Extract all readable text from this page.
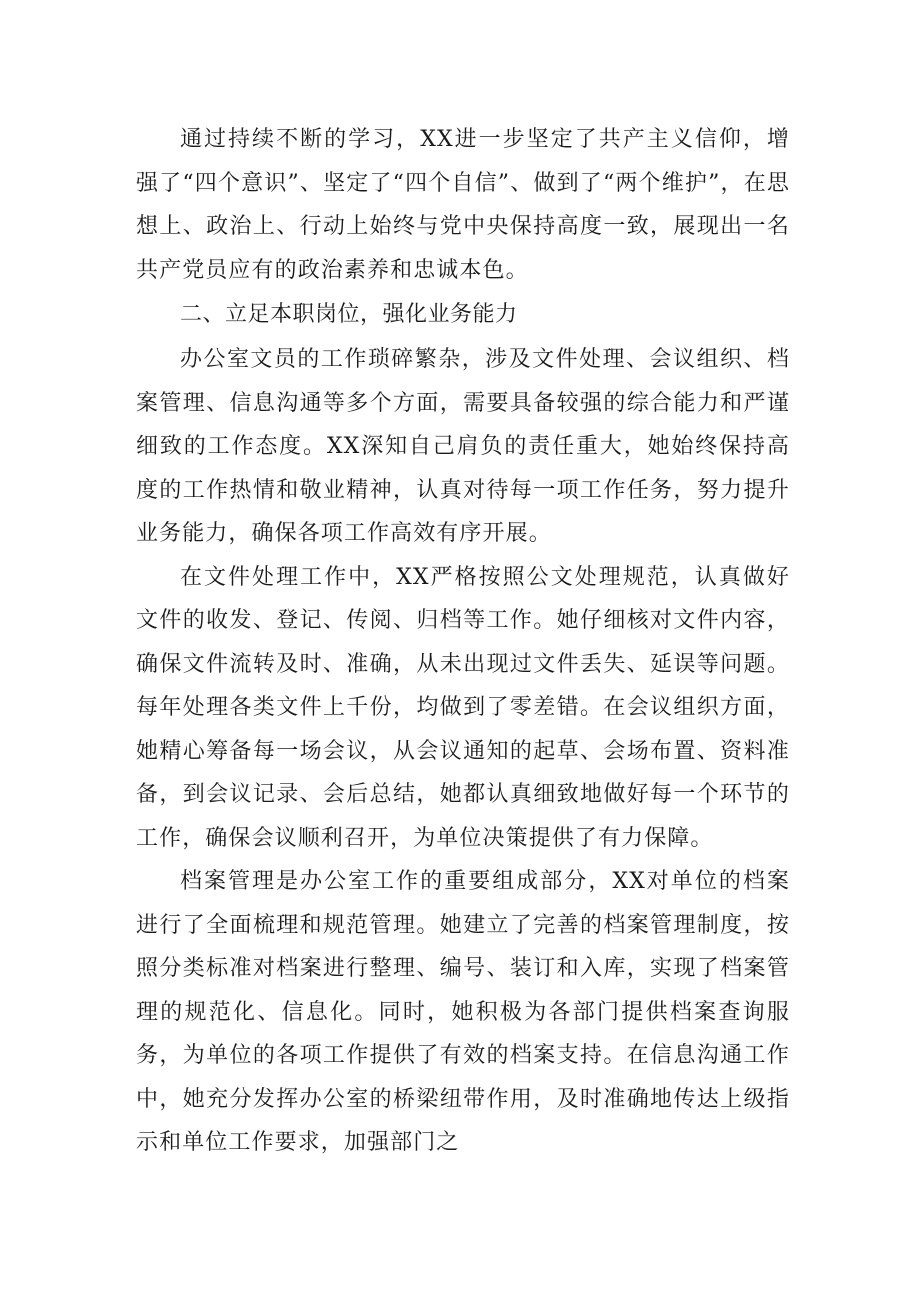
通过持续不断的学习，XX进一步坚定了共产主义信仰，增强了“四个意识”、坚定了“四个自信”、做到了“两个维护”，在思想上、政治上、行动上始终与党中央保持高度一致，展现出一名共产党员应有的政治素养和忠诚本色。

二、立足本职岗位，强化业务能力

办公室文员的工作琐碎繁杂，涉及文件处理、会议组织、档案管理、信息沟通等多个方面，需要具备较强的综合能力和严谨细致的工作态度。XX深知自己肩负的责任重大，她始终保持高度的工作热情和敬业精神，认真对待每一项工作任务，努力提升业务能力，确保各项工作高效有序开展。

在文件处理工作中，XX严格按照公文处理规范，认真做好文件的收发、登记、传阅、归档等工作。她仔细核对文件内容，确保文件流转及时、准确，从未出现过文件丢失、延误等问题。每年处理各类文件上千份，均做到了零差错。在会议组织方面，她精心筹备每一场会议，从会议通知的起草、会场布置、资料准备，到会议记录、会后总结，她都认真细致地做好每一个环节的工作，确保会议顺利召开，为单位决策提供了有力保障。

档案管理是办公室工作的重要组成部分，XX对单位的档案进行了全面梳理和规范管理。她建立了完善的档案管理制度，按照分类标准对档案进行整理、编号、装订和入库，实现了档案管理的规范化、信息化。同时，她积极为各部门提供档案查询服务，为单位的各项工作提供了有效的档案支持。在信息沟通工作中，她充分发挥办公室的桥梁纽带作用，及时准确地传达上级指示和单位工作要求，加强部门之
